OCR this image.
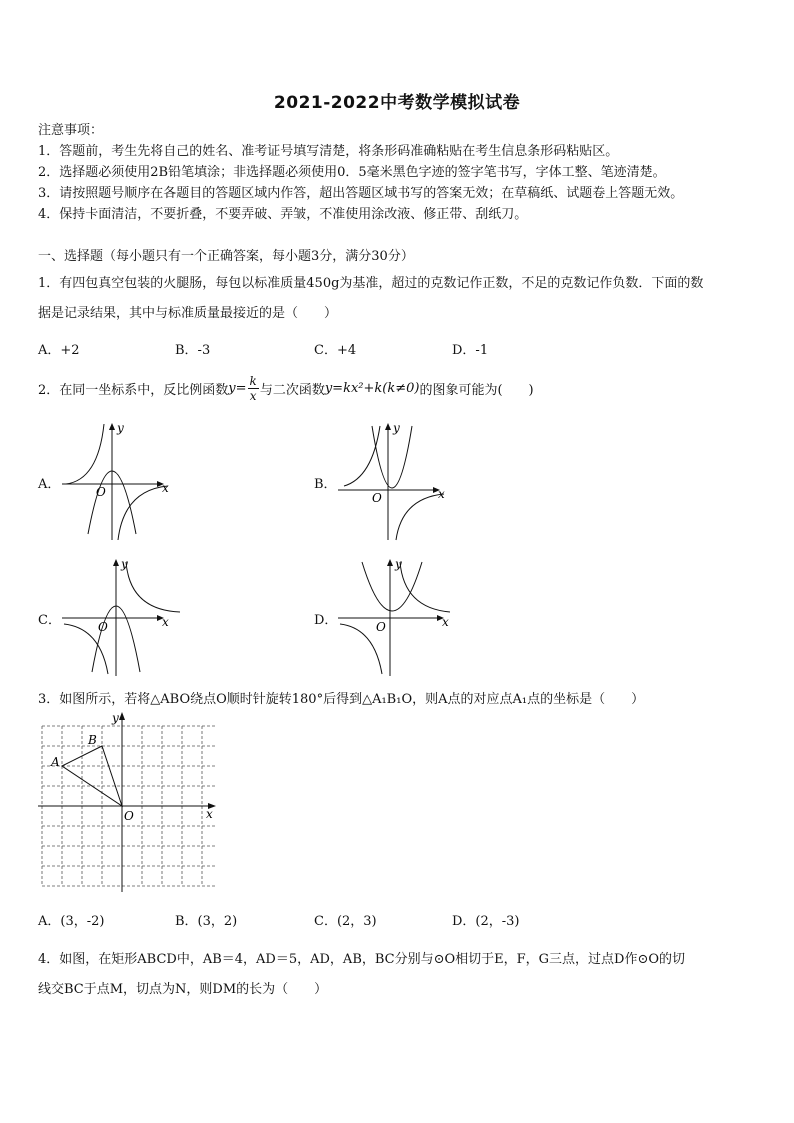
2021-2022中考数学模拟试卷
注意事项：
1．答题前，考生先将自己的姓名、准考证号填写清楚，将条形码准确粘贴在考生信息条形码粘贴区。
2．选择题必须使用2B铅笔填涂；非选择题必须使用0．5毫米黑色字迹的签字笔书写，字体工整、笔迹清楚。
3．请按照题号顺序在各题目的答题区域内作答，超出答题区域书写的答案无效；在草稿纸、试题卷上答题无效。
4．保持卡面清洁，不要折叠，不要弄破、弄皱，不准使用涂改液、修正带、刮纸刀。
一、选择题（每小题只有一个正确答案，每小题3分，满分30分）
1．有四包真空包装的火腿肠，每包以标准质量450g为基准，超过的克数记作正数，不足的克数记作负数．下面的数
据是记录结果，其中与标准质量最接近的是（　　）
A．+2	B．-3	C．+4	D．-1
2．在同一坐标系中，反比例函数 $y= \frac{k}{x}$ 与二次函数 y=kx²+k(k≠0) 的图象可能为(　　)
A．
y
x
O	B．
y
x
O
C．
y
x
O	D．
y
x
O
3．如图所示，若将△ABO绕点O顺时针旋转180°后得到△A₁B₁O，则A点的对应点A₁点的坐标是（　　）
y
x
A
B
O
A．(3，-2)	B．(3，2)	C．(2，3)	D．(2，-3)
4．如图，在矩形ABCD中，AB＝4，AD＝5，AD，AB，BC分别与⊙O相切于E，F，G三点，过点D作⊙O的切
线交BC于点M，切点为N，则DM的长为（　　）
